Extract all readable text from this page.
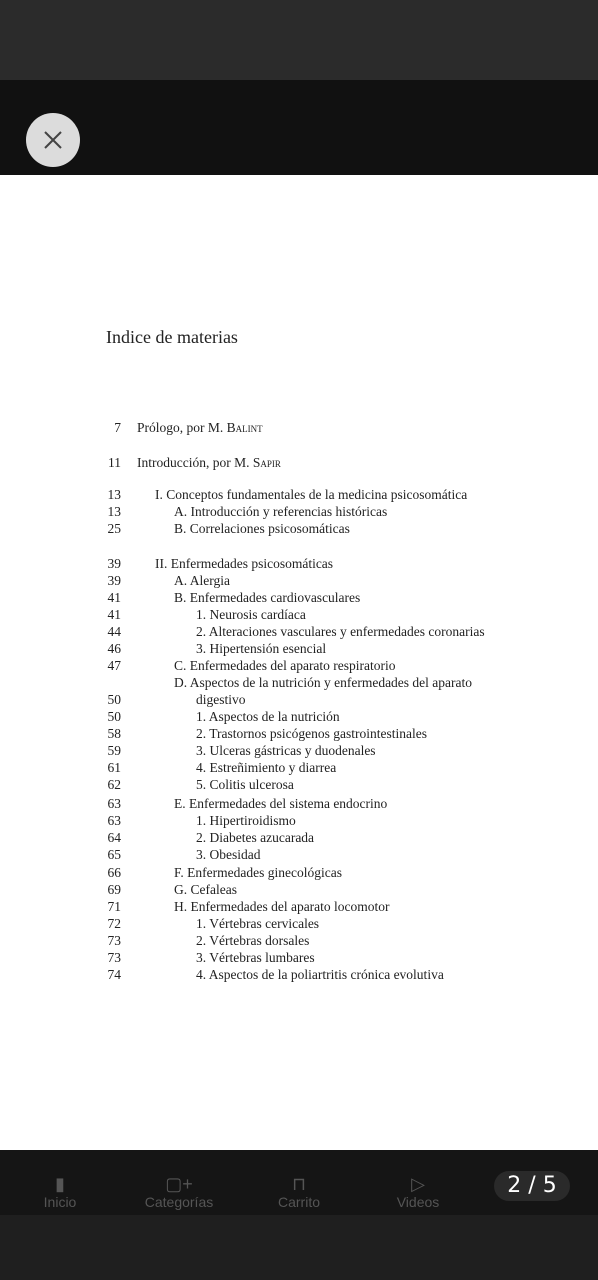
Indice de materias
7 Prólogo, por M. Balint
11 Introducción, por M. Sapir
13	I. Conceptos fundamentales de la medicina psicosomática
13	A. Introducción y referencias históricas
25	B. Correlaciones psicosomáticas
39	II. Enfermedades psicosomáticas
39	A. Alergia
41	B. Enfermedades cardiovasculares
41	1. Neurosis cardíaca
44	2. Alteraciones vasculares y enfermedades coronarias
46	3. Hipertensión esencial
47	C. Enfermedades del aparato respiratorio
D. Aspectos de la nutrición y enfermedades del aparato
50	digestivo
50	1. Aspectos de la nutrición
58	2. Trastornos psicógenos gastrointestinales
59	3. Ulceras gástricas y duodenales
61	4. Estreñimiento y diarrea
62	5. Colitis ulcerosa
63	E. Enfermedades del sistema endocrino
63	1. Hipertiroidismo
64	2. Diabetes azucarada
65	3. Obesidad
66	F. Enfermedades ginecológicas
69	G. Cefaleas
71	H. Enfermedades del aparato locomotor
72	1. Vértebras cervicales
73	2. Vértebras dorsales
73	3. Vértebras lumbares
74	4. Aspectos de la poliartritis crónica evolutiva
▮
Inicio
▢+
Categorías
⊓
Carrito
▷
Videos
2 / 5
